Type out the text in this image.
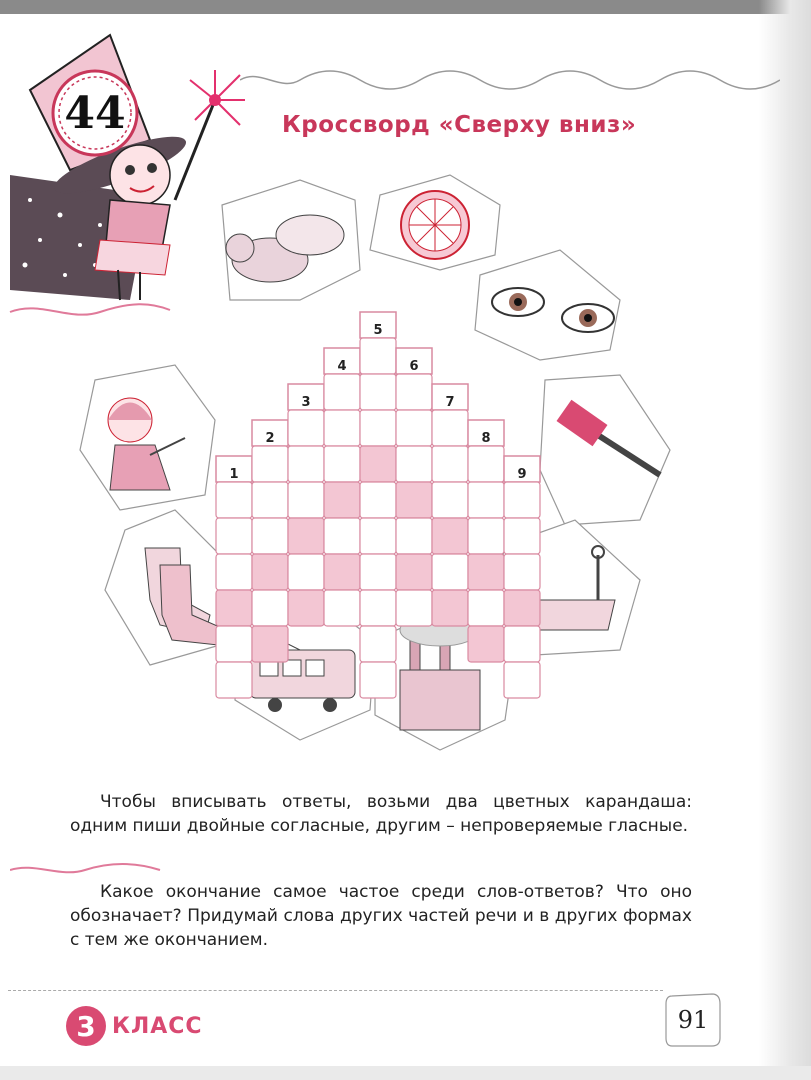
44	Кроссворд «Сверху вниз»
1
2
3
4
5
6
7
8
9
Чтобы вписывать ответы, возьми два цветных карандаша: одним пиши двойные согласные, другим – непроверяемые гласные.
Какое окончание самое частое среди слов-ответов? Что оно обозначает? Придумай слова других частей речи и в других формах с тем же окончанием.
3 КЛАСС	91
